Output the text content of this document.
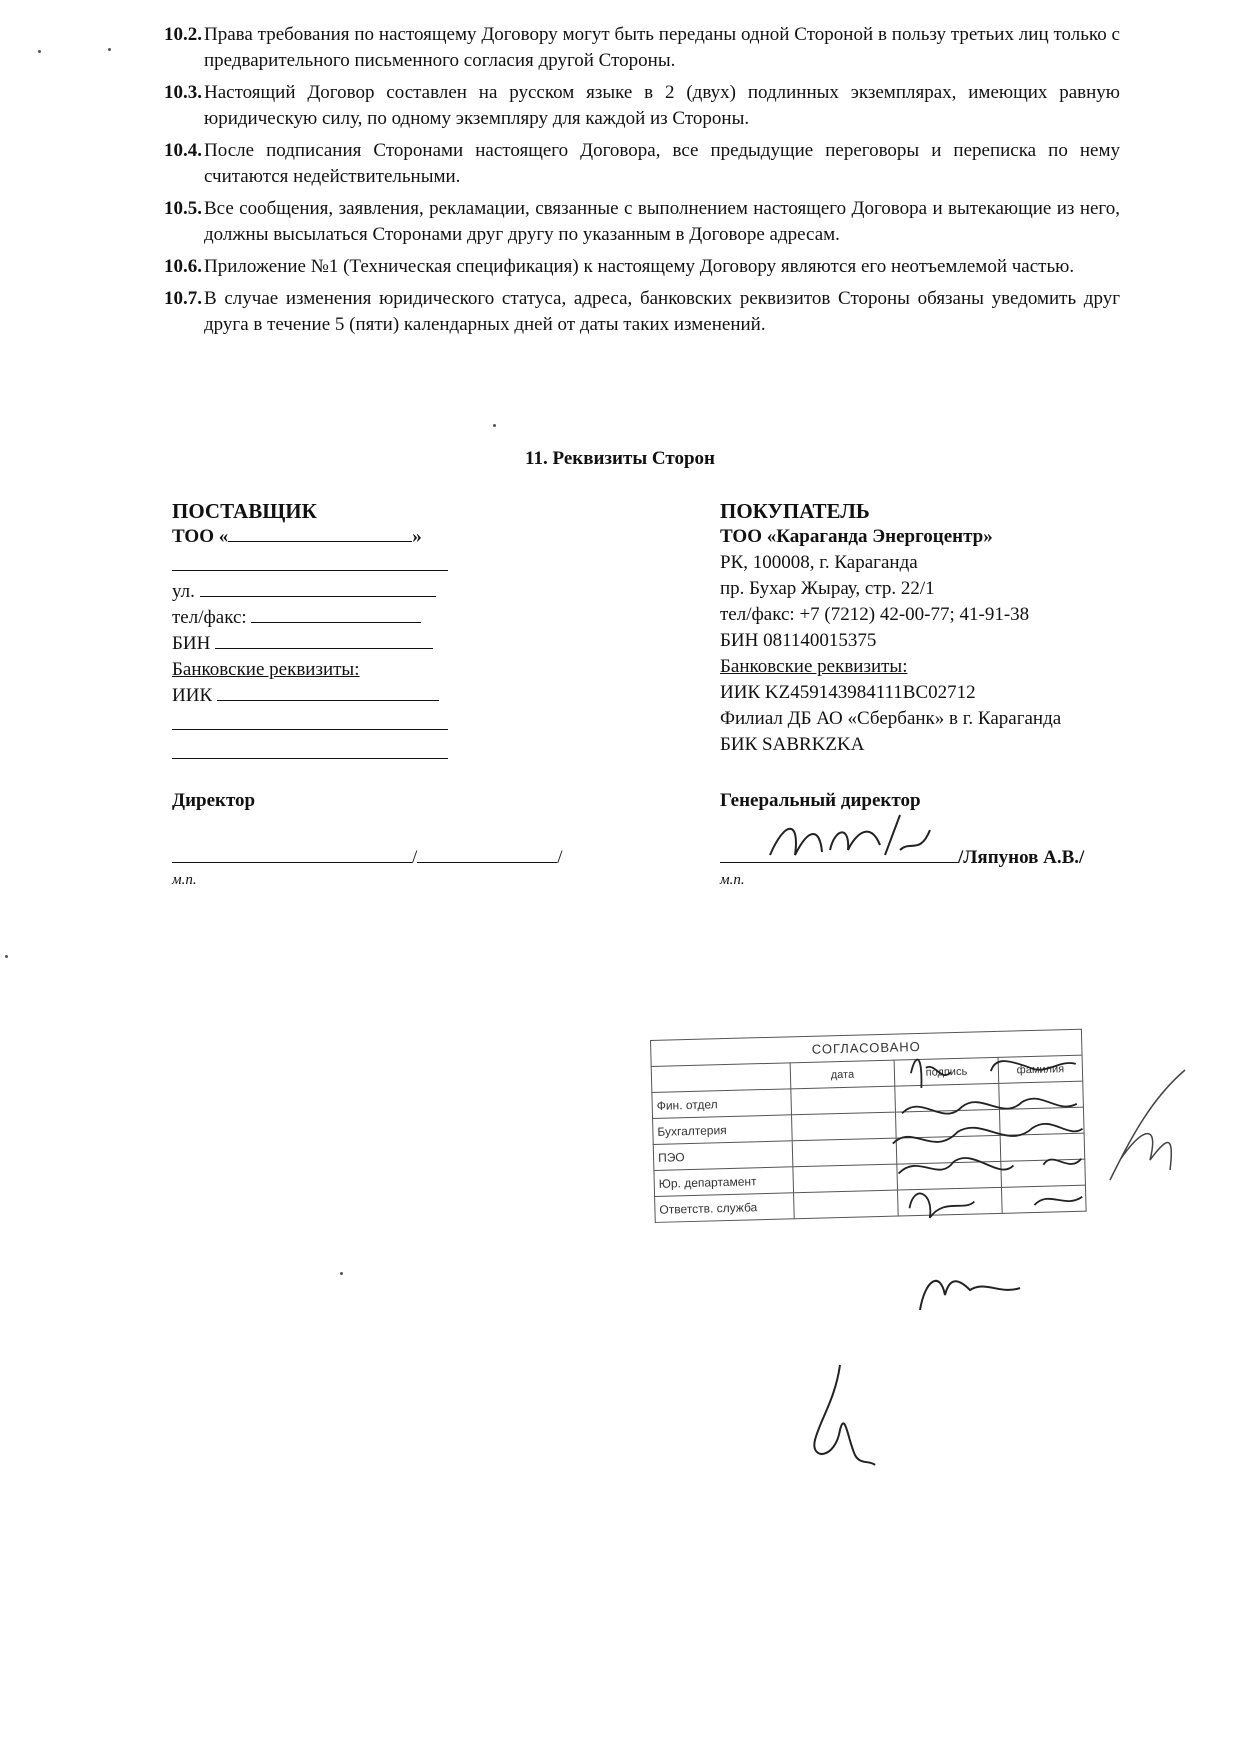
10.2. Права требования по настоящему Договору могут быть переданы одной Стороной в пользу третьих лиц только с предварительного письменного согласия другой Стороны.
10.3. Настоящий Договор составлен на русском языке в 2 (двух) подлинных экземплярах, имеющих равную юридическую силу, по одному экземпляру для каждой из Стороны.
10.4. После подписания Сторонами настоящего Договора, все предыдущие переговоры и переписка по нему считаются недействительными.
10.5. Все сообщения, заявления, рекламации, связанные с выполнением настоящего Договора и вытекающие из него, должны высылаться Сторонами друг другу по указанным в Договоре адресам.
10.6. Приложение №1 (Техническая спецификация) к настоящему Договору являются его неотъемлемой частью.
10.7. В случае изменения юридического статуса, адреса, банковских реквизитов Стороны обязаны уведомить друг друга в течение 5 (пяти) календарных дней от даты таких изменений.
11. Реквизиты Сторон
ПОСТАВЩИК
ТОО «	»
ул.
тел/факс:
БИН
Банковские реквизиты:
ИИК
Директор
/	/
м.п.
ПОКУПАТЕЛЬ
ТОО «Караганда Энергоцентр»
РК, 100008, г. Караганда
пр. Бухар Жырау, стр. 22/1
тел/факс: +7 (7212) 42-00-77; 41-91-38
БИН 081140015375
Банковские реквизиты:
ИИК KZ459143984111BC02712
Филиал ДБ АО «Сбербанк» в г. Караганда
БИК SABRKZKA
Генеральный директор
/Ляпунов А.В./
м.п.
СОГЛАСОВАНО			
	дата	подпись	фамилия
Фин. отдел			
Бухгалтерия			
ПЭО			
Юр. департамент			
Ответств. служба			
